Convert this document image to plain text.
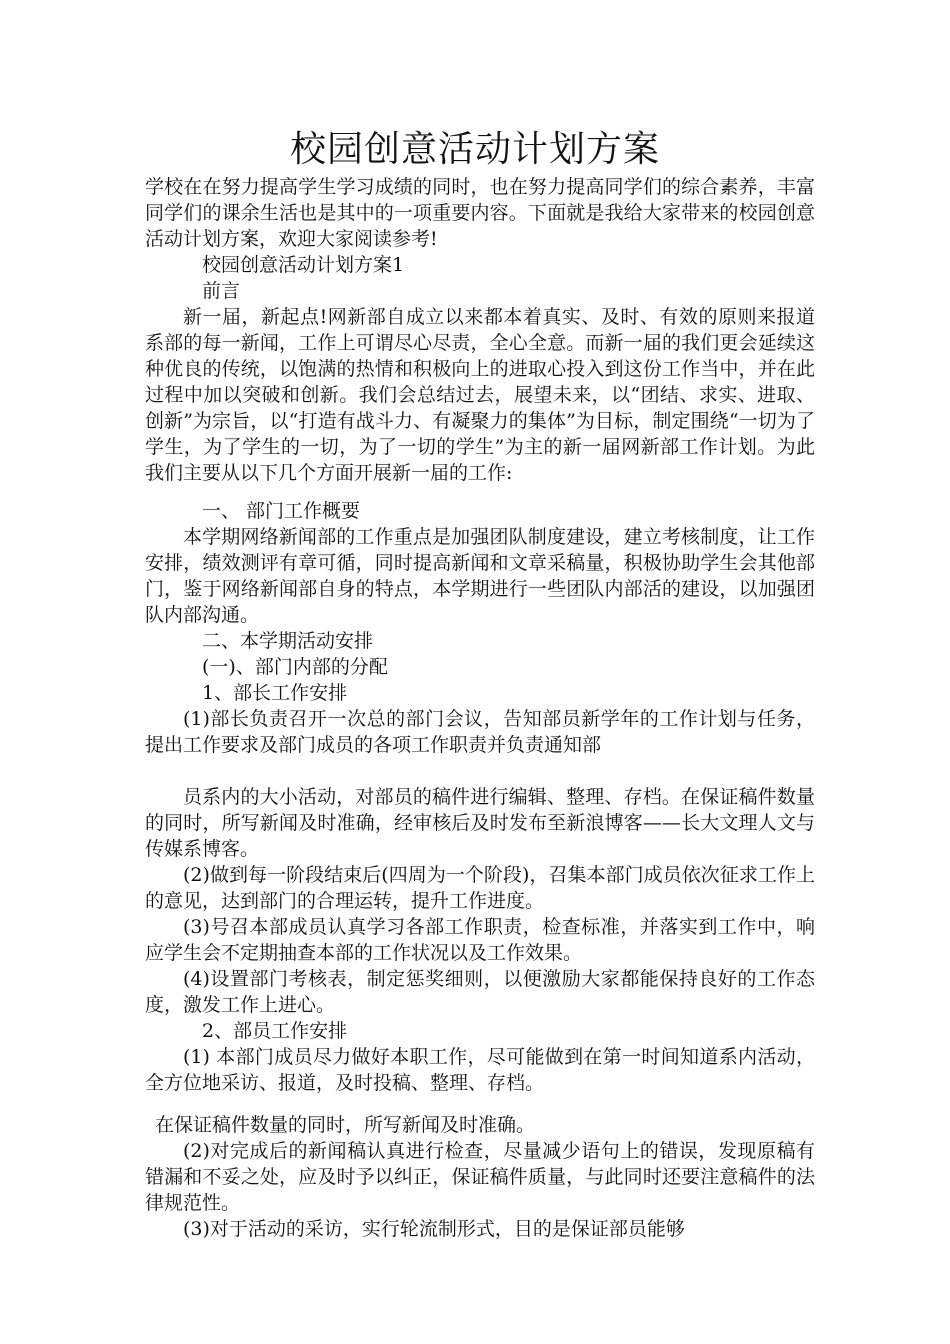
校园创意活动计划方案
学校在在努力提高学生学习成绩的同时，也在努力提高同学们的综合素养，丰富同学们的课余生活也是其中的一项重要内容。下面就是我给大家带来的校园创意活动计划方案，欢迎大家阅读参考!
校园创意活动计划方案1
前言
新一届，新起点!网新部自成立以来都本着真实、及时、有效的原则来报道系部的每一新闻，工作上可谓尽心尽责，全心全意。而新一届的我们更会延续这种优良的传统，以饱满的热情和积极向上的进取心投入到这份工作当中，并在此过程中加以突破和创新。我们会总结过去，展望未来，以“团结、求实、进取、创新”为宗旨，以“打造有战斗力、有凝聚力的集体”为目标，制定围绕“一切为了学生，为了学生的一切，为了一切的学生”为主的新一届网新部工作计划。为此我们主要从以下几个方面开展新一届的工作:
一、 部门工作概要
本学期网络新闻部的工作重点是加强团队制度建设，建立考核制度，让工作安排，绩效测评有章可循，同时提高新闻和文章采稿量，积极协助学生会其他部门，鉴于网络新闻部自身的特点，本学期进行一些团队内部活的建设，以加强团队内部沟通。
二、本学期活动安排
(一)、部门内部的分配
1、部长工作安排
(1)部长负责召开一次总的部门会议，告知部员新学年的工作计划与任务，提出工作要求及部门成员的各项工作职责并负责通知部
员系内的大小活动，对部员的稿件进行编辑、整理、存档。在保证稿件数量的同时，所写新闻及时准确，经审核后及时发布至新浪博客——长大文理人文与传媒系博客。
(2)做到每一阶段结束后(四周为一个阶段)，召集本部门成员依次征求工作上的意见，达到部门的合理运转，提升工作进度。
(3)号召本部成员认真学习各部工作职责，检查标准，并落实到工作中，响应学生会不定期抽查本部的工作状况以及工作效果。
(4)设置部门考核表，制定惩奖细则，以便激励大家都能保持良好的工作态度，激发工作上进心。
2、部员工作安排
(1) 本部门成员尽力做好本职工作，尽可能做到在第一时间知道系内活动，全方位地采访、报道，及时投稿、整理、存档。
在保证稿件数量的同时，所写新闻及时准确。
(2)对完成后的新闻稿认真进行检查，尽量减少语句上的错误，发现原稿有错漏和不妥之处，应及时予以纠正，保证稿件质量，与此同时还要注意稿件的法律规范性。
(3)对于活动的采访，实行轮流制形式，目的是保证部员能够
